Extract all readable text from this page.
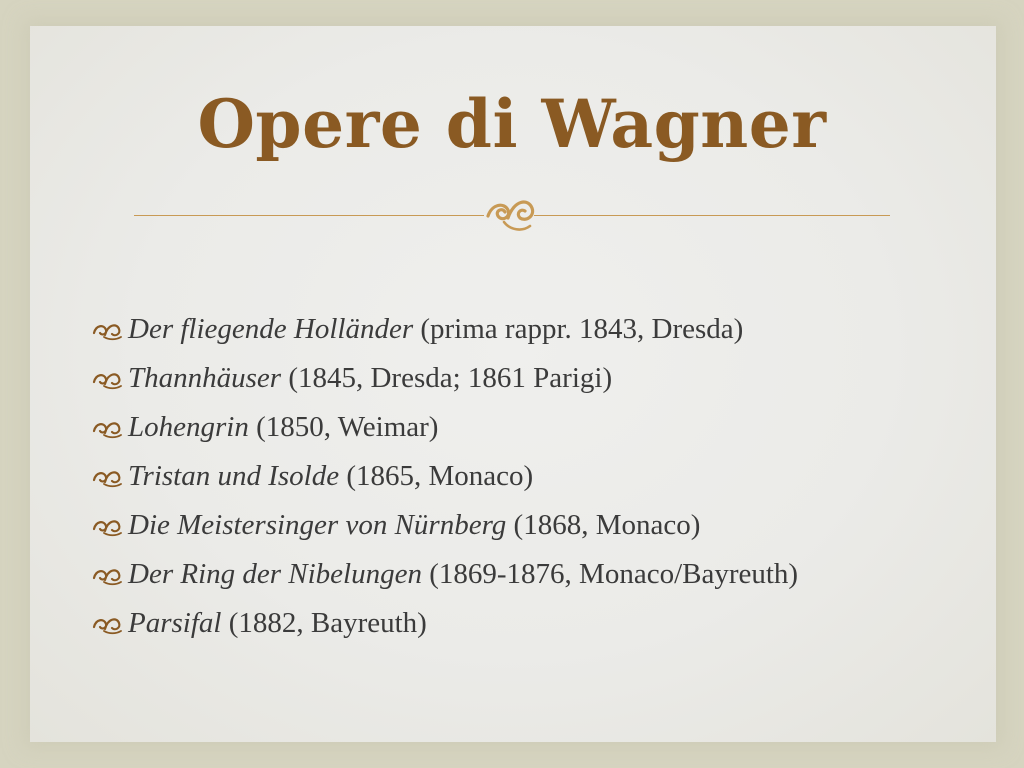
Opere di Wagner
Der fliegende Holländer (prima rappr. 1843, Dresda)
Thannhäuser (1845, Dresda; 1861 Parigi)
Lohengrin (1850, Weimar)
Tristan und Isolde (1865, Monaco)
Die Meistersinger von Nürnberg (1868, Monaco)
Der Ring der Nibelungen (1869-1876, Monaco/Bayreuth)
Parsifal (1882, Bayreuth)
